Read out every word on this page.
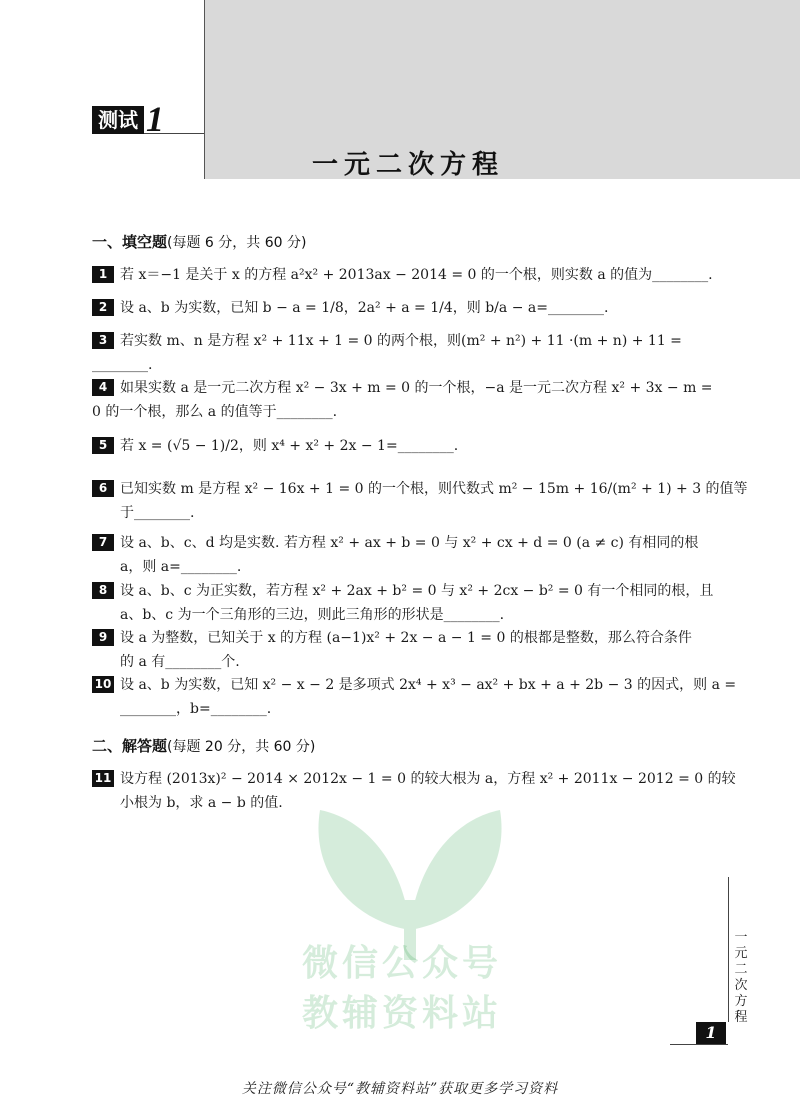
测试 1
一元二次方程
一、填空题(每题 6 分，共 60 分)
1 若 x＝−1 是关于 x 的方程 a²x² + 2013ax − 2014 = 0 的一个根，则实数 a 的值为________.
2 设 a、b 为实数，已知 b − a = 1/8，2a² + a = 1/4，则 b/a − a=________.
3 若实数 m、n 是方程 x² + 11x + 1 = 0 的两个根，则(m² + n²) + 11 ·(m + n) + 11 =
________.
4 如果实数 a 是一元二次方程 x² − 3x + m = 0 的一个根，−a 是一元二次方程 x² + 3x − m =
0 的一个根，那么 a 的值等于________.
5 若 x = (√5 − 1)/2，则 x⁴ + x² + 2x − 1=________.
6 已知实数 m 是方程 x² − 16x + 1 = 0 的一个根，则代数式 m² − 15m + 16/(m² + 1) + 3 的值等
于________.
7 设 a、b、c、d 均是实数. 若方程 x² + ax + b = 0 与 x² + cx + d = 0 (a ≠ c) 有相同的根
a，则 a=________.
8 设 a、b、c 为正实数，若方程 x² + 2ax + b² = 0 与 x² + 2cx − b² = 0 有一个相同的根，且
a、b、c 为一个三角形的三边，则此三角形的形状是________.
9 设 a 为整数，已知关于 x 的方程 (a−1)x² + 2x − a − 1 = 0 的根都是整数，那么符合条件
的 a 有________个.
10 设 a、b 为实数，已知 x² − x − 2 是多项式 2x⁴ + x³ − ax² + bx + a + 2b − 3 的因式，则 a =
________，b=________.
二、解答题(每题 20 分，共 60 分)
11 设方程 (2013x)² − 2014 × 2012x − 1 = 0 的较大根为 a，方程 x² + 2011x − 2012 = 0 的较
小根为 b，求 a − b 的值.
微信公众号
教辅资料站
一元二次方程
1
关注微信公众号“教辅资料站”获取更多学习资料
